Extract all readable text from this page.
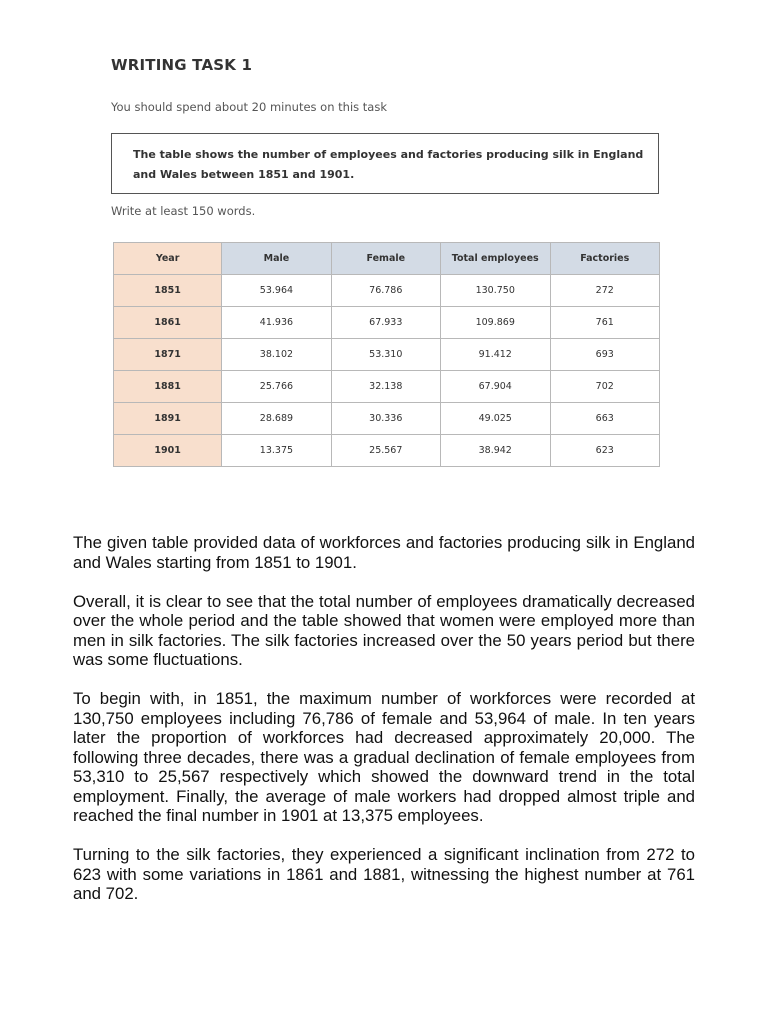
WRITING TASK 1
You should spend about 20 minutes on this task
The table shows the number of employees and factories producing silk in England and Wales between 1851 and 1901.
Write at least 150 words.
Year	Male	Female	Total employees	Factories
1851	53.964	76.786	130.750	272
1861	41.936	67.933	109.869	761
1871	38.102	53.310	91.412	693
1881	25.766	32.138	67.904	702
1891	28.689	30.336	49.025	663
1901	13.375	25.567	38.942	623

The given table provided data of workforces and factories producing silk in England and Wales starting from 1851 to 1901.

Overall, it is clear to see that the total number of employees dramatically decreased over the whole period and the table showed that women were employed more than men in silk factories. The silk factories increased over the 50 years period but there was some fluctuations.

To begin with, in 1851, the maximum number of workforces were recorded at 130,750 employees including 76,786 of female and 53,964 of male. In ten years later the proportion of workforces had decreased approximately 20,000. The following three decades, there was a gradual declination of female employees from 53,310 to 25,567 respectively which showed the downward trend in the total employment. Finally, the average of male workers had dropped almost triple and reached the final number in 1901 at 13,375 employees.

Turning to the silk factories, they experienced a significant inclination from 272 to 623 with some variations in 1861 and 1881, witnessing the highest number at 761 and 702.
